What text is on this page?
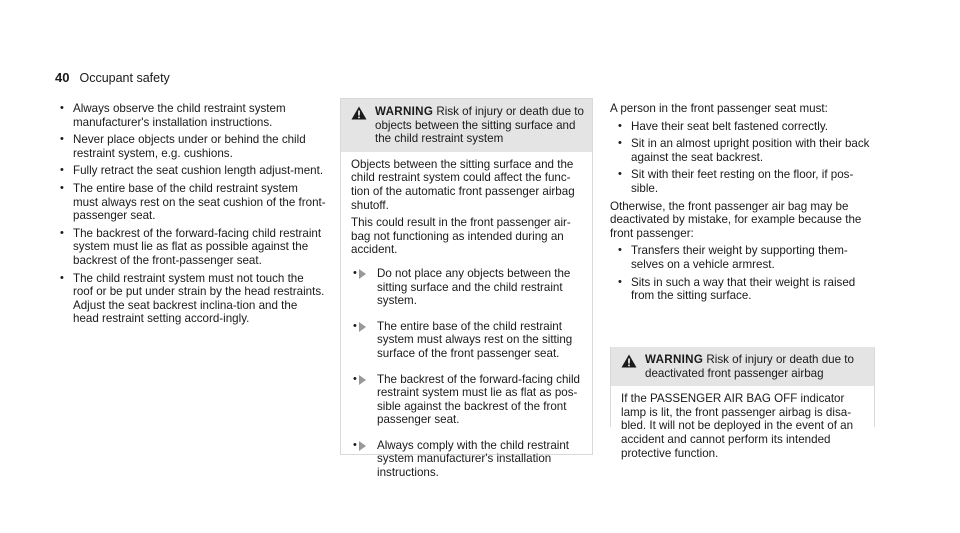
40 Occupant safety
• Always observe the child restraint system manufacturer's installation instructions.
• Never place objects under or behind the child restraint system, e.g. cushions.
• Fully retract the seat cushion length adjust-ment.
• The entire base of the child restraint system must always rest on the seat cushion of the front-passenger seat.
• The backrest of the forward-facing child restraint system must lie as flat as possible against the backrest of the front-passenger seat.
• The child restraint system must not touch the roof or be put under strain by the head restraints. Adjust the seat backrest inclina-tion and the head restraint setting accord-ingly.
WARNING Risk of injury or death due to objects between the sitting surface and the child restraint system

Objects between the sitting surface and the child restraint system could affect the func-tion of the automatic front passenger airbag shutoff.

This could result in the front passenger air-bag not functioning as intended during an accident.

• Do not place any objects between the sitting surface and the child restraint system.
• The entire base of the child restraint system must always rest on the sitting surface of the front passenger seat.
• The backrest of the forward-facing child restraint system must lie as flat as pos-sible against the backrest of the front passenger seat.
• Always comply with the child restraint system manufacturer's installation instructions.

A person in the front passenger seat must:

• Have their seat belt fastened correctly.
• Sit in an almost upright position with their back against the seat backrest.
• Sit with their feet resting on the floor, if pos-sible.

Otherwise, the front passenger air bag may be deactivated by mistake, for example because the front passenger:

• Transfers their weight by supporting them-selves on a vehicle armrest.
• Sits in such a way that their weight is raised from the sitting surface.
WARNING Risk of injury or death due to deactivated front passenger airbag

If the PASSENGER AIR BAG OFF indicator lamp is lit, the front passenger airbag is disa-bled. It will not be deployed in the event of an accident and cannot perform its intended protective function.
